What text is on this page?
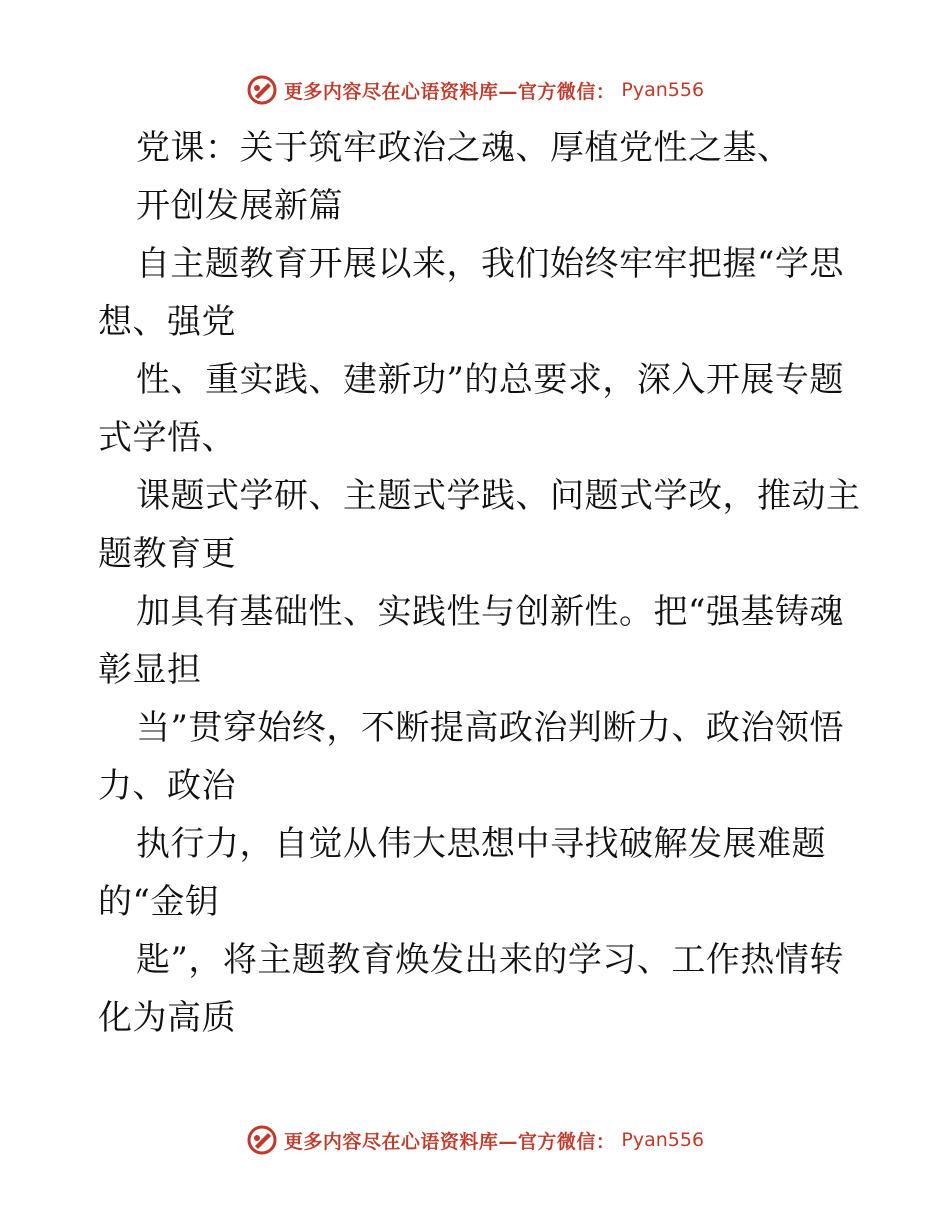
更多内容尽在心语资料库—官方微信： Pyan556
党课：关于筑牢政治之魂、厚植党性之基、
开创发展新篇
自主题教育开展以来，我们始终牢牢把握“学思
想、强党
性、重实践、建新功”的总要求，深入开展专题
式学悟、
课题式学研、主题式学践、问题式学改，推动主
题教育更
加具有基础性、实践性与创新性。把“强基铸魂
彰显担
当”贯穿始终，不断提高政治判断力、政治领悟
力、政治
执行力，自觉从伟大思想中寻找破解发展难题
的“金钥
匙”，将主题教育焕发出来的学习、工作热情转
化为高质
更多内容尽在心语资料库—官方微信： Pyan556
